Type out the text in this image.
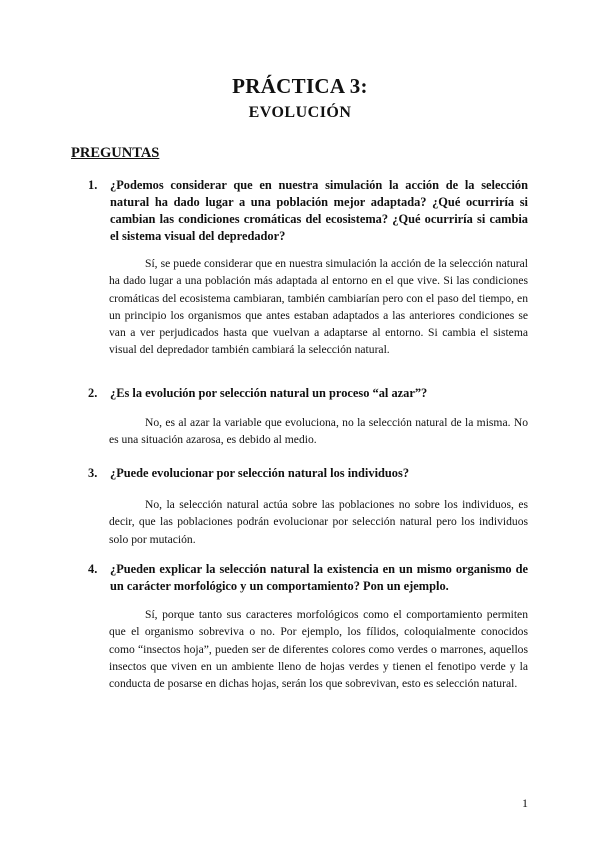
PRÁCTICA 3:
EVOLUCIÓN
PREGUNTAS
1.	¿Podemos considerar que en nuestra simulación la acción de la selección natural ha dado lugar a una población mejor adaptada? ¿Qué ocurriría si cambian las condiciones cromáticas del ecosistema? ¿Qué ocurriría si cambia el sistema visual del depredador?

Sí, se puede considerar que en nuestra simulación la acción de la selección natural ha dado lugar a una población más adaptada al entorno en el que vive. Si las condiciones cromáticas del ecosistema cambiaran, también cambiarían pero con el paso del tiempo, en un principio los organismos que antes estaban adaptados a las anteriores condiciones se van a ver perjudicados hasta que vuelvan a adaptarse al entorno. Si cambia el sistema visual del depredador también cambiará la selección natural.

2.	¿Es la evolución por selección natural un proceso “al azar”?

No, es al azar la variable que evoluciona, no la selección natural de la misma. No es una situación azarosa, es debido al medio.

3.	¿Puede evolucionar por selección natural los individuos?

No, la selección natural actúa sobre las poblaciones no sobre los individuos, es decir, que las poblaciones podrán evolucionar por selección natural pero los individuos solo por mutación.

4.	¿Pueden explicar la selección natural la existencia en un mismo organismo de un carácter morfológico y un comportamiento? Pon un ejemplo.

Sí, porque tanto sus caracteres morfológicos como el comportamiento permiten que el organismo sobreviva o no. Por ejemplo, los fílidos, coloquialmente conocidos como “insectos hoja”, pueden ser de diferentes colores como verdes o marrones, aquellos insectos que viven en un ambiente lleno de hojas verdes y tienen el fenotipo verde y la conducta de posarse en dichas hojas, serán los que sobrevivan, esto es selección natural.

1
